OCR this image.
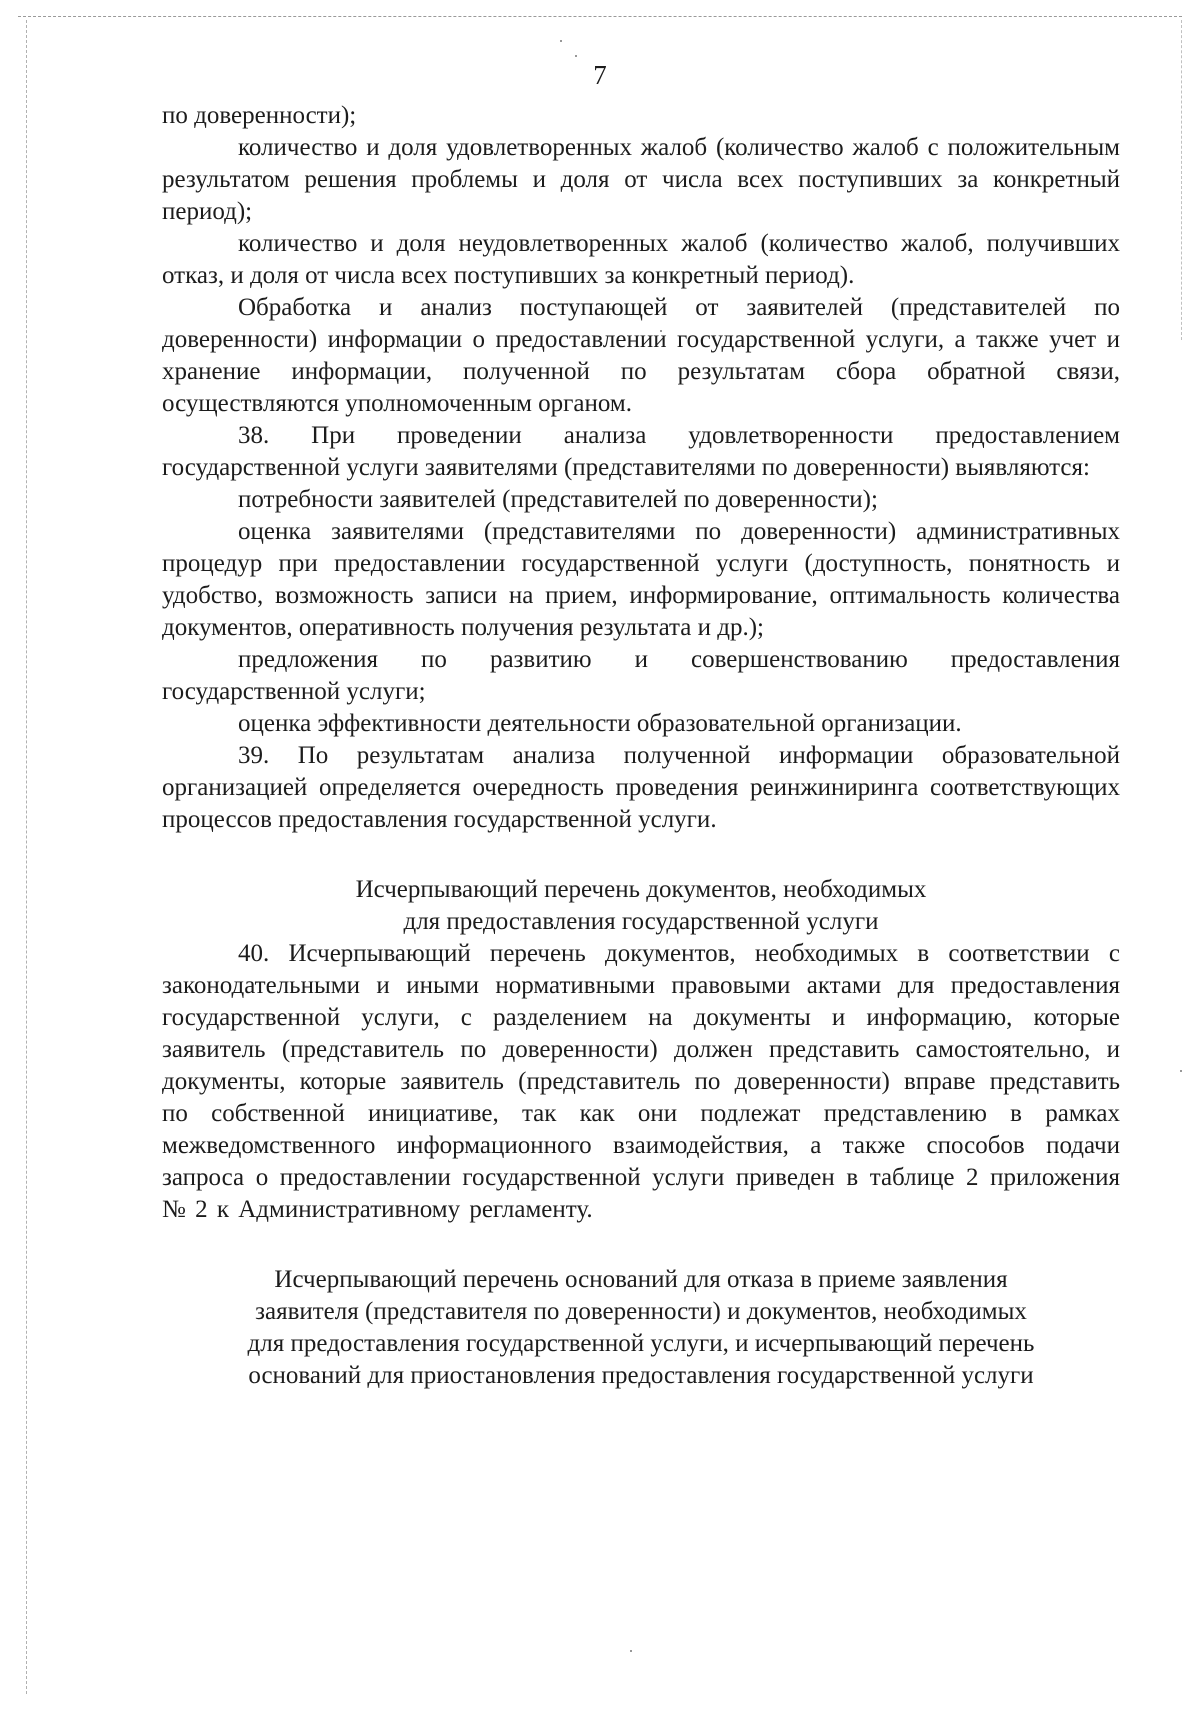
7

по доверенности);

количество и доля удовлетворенных жалоб (количество жалоб с положительным результатом решения проблемы и доля от числа всех поступивших за конкретный период);

количество и доля неудовлетворенных жалоб (количество жалоб, получивших отказ, и доля от числа всех поступивших за конкретный период).

Обработка и анализ поступающей от заявителей (представителей по доверенности) информации о предоставлении государственной услуги, а также учет и хранение информации, полученной по результатам сбора обратной связи, осуществляются уполномоченным органом.

38. При проведении анализа удовлетворенности предоставлением государственной услуги заявителями (представителями по доверенности) выявляются:

потребности заявителей (представителей по доверенности);

оценка заявителями (представителями по доверенности) административных процедур при предоставлении государственной услуги (доступность, понятность и удобство, возможность записи на прием, информирование, оптимальность количества документов, оперативность получения результата и др.);

предложения по развитию и совершенствованию предоставления государственной услуги;

оценка эффективности деятельности образовательной организации.

39. По результатам анализа полученной информации образовательной организацией определяется очередность проведения реинжиниринга соответствующих процессов предоставления государственной услуги.

Исчерпывающий перечень документов, необходимых
для предоставления государственной услуги

40. Исчерпывающий перечень документов, необходимых в соответствии с законодательными и иными нормативными правовыми актами для предоставления государственной услуги, с разделением на документы и информацию, которые заявитель (представитель по доверенности) должен представить самостоятельно, и документы, которые заявитель (представитель по доверенности) вправе представить по собственной инициативе, так как они подлежат представлению в рамках межведомственного информационного взаимодействия, а также способов подачи запроса о предоставлении государственной услуги приведен в таблице 2 приложения № 2 к Административному регламенту.

Исчерпывающий перечень оснований для отказа в приеме заявления
заявителя (представителя по доверенности) и документов, необходимых
для предоставления государственной услуги, и исчерпывающий перечень
оснований для приостановления предоставления государственной услуги
